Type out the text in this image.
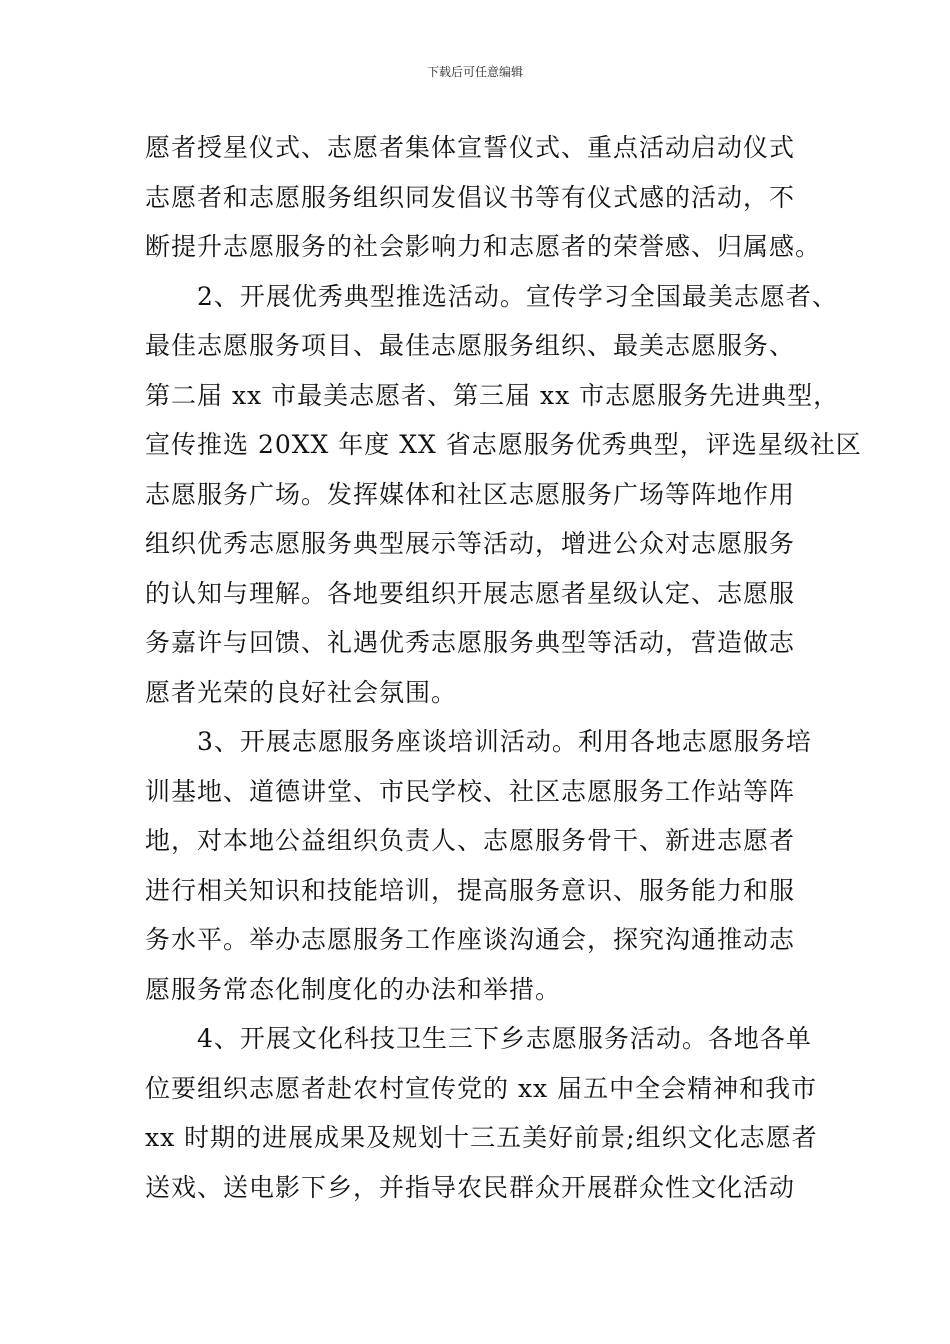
下载后可任意编辑
愿者授星仪式、志愿者集体宣誓仪式、重点活动启动仪式
志愿者和志愿服务组织同发倡议书等有仪式感的活动，不
断提升志愿服务的社会影响力和志愿者的荣誉感、归属感。
2、开展优秀典型推选活动。宣传学习全国最美志愿者、
最佳志愿服务项目、最佳志愿服务组织、最美志愿服务、
第二届 xx 市最美志愿者、第三届 xx 市志愿服务先进典型，
宣传推选 20XX 年度 XX 省志愿服务优秀典型，评选星级社区
志愿服务广场。发挥媒体和社区志愿服务广场等阵地作用
组织优秀志愿服务典型展示等活动，增进公众对志愿服务
的认知与理解。各地要组织开展志愿者星级认定、志愿服
务嘉许与回馈、礼遇优秀志愿服务典型等活动，营造做志
愿者光荣的良好社会氛围。
3、开展志愿服务座谈培训活动。利用各地志愿服务培
训基地、道德讲堂、市民学校、社区志愿服务工作站等阵
地，对本地公益组织负责人、志愿服务骨干、新进志愿者
进行相关知识和技能培训，提高服务意识、服务能力和服
务水平。举办志愿服务工作座谈沟通会，探究沟通推动志
愿服务常态化制度化的办法和举措。
4、开展文化科技卫生三下乡志愿服务活动。各地各单
位要组织志愿者赴农村宣传党的 xx 届五中全会精神和我市
xx 时期的进展成果及规划十三五美好前景;组织文化志愿者
送戏、送电影下乡，并指导农民群众开展群众性文化活动
